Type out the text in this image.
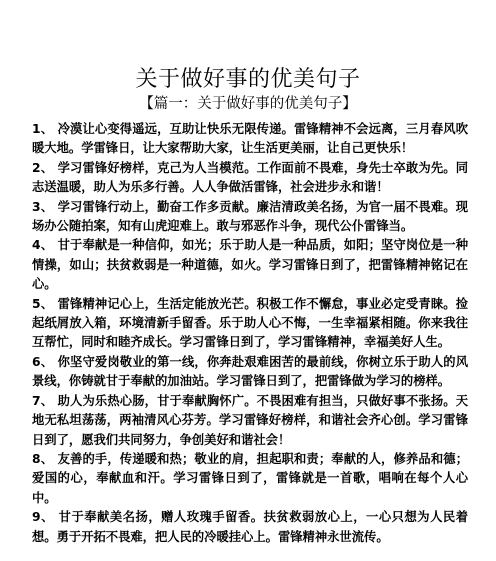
关于做好事的优美句子
【篇一：关于做好事的优美句子】

1、 冷漠让心变得遥远，互助让快乐无限传递。雷锋精神不会远离，三月春风吹暖大地。学雷锋日，让大家帮助大家，让生活更美丽，让自己更快乐！

2、 学习雷锋好榜样，克己为人当模范。工作面前不畏难，身先士卒敢为先。同志送温暖，助人为乐多行善。人人争做活雷锋，社会进步永和谐！

3、 学习雷锋行动上，勤奋工作多贡献。廉洁清政美名扬，为官一届不畏难。现场办公随拍案，知有山虎迎难上。敢与邪恶作斗争，现代公仆雷锋当。

4、 甘于奉献是一种信仰，如光；乐于助人是一种品质，如阳；坚守岗位是一种情操，如山；扶贫救弱是一种道德，如火。学习雷锋日到了，把雷锋精神铭记在心。

5、 雷锋精神记心上，生活定能放光芒。积极工作不懈怠，事业必定受青睐。捡起纸屑放入箱，环境清新手留香。乐于助人心不悔，一生幸福紧相随。你来我往互帮忙，同时和睦齐成长。学习雷锋日到了，学习雷锋精神，幸福美好人生。

6、 你坚守爱岗敬业的第一线，你奔赴艰难困苦的最前线，你树立乐于助人的风景线，你铸就甘于奉献的加油站。学习雷锋日到了，把雷锋做为学习的榜样。

7、 助人为乐热心肠，甘于奉献胸怀广。不畏困难有担当，只做好事不张扬。天地无私坦荡荡，两袖清风心芬芳。学习雷锋好榜样，和谐社会齐心创。学习雷锋日到了，愿我们共同努力，争创美好和谐社会！

8、 友善的手，传递暖和热；敬业的肩，担起职和责；奉献的人，修养品和德；爱国的心，奉献血和汗。学习雷锋日到了，雷锋就是一首歌，唱响在每个人心中。

9、 甘于奉献美名扬，赠人玫瑰手留香。扶贫救弱放心上，一心只想为人民着想。勇于开拓不畏难，把人民的冷暖挂心上。雷锋精神永世流传。
